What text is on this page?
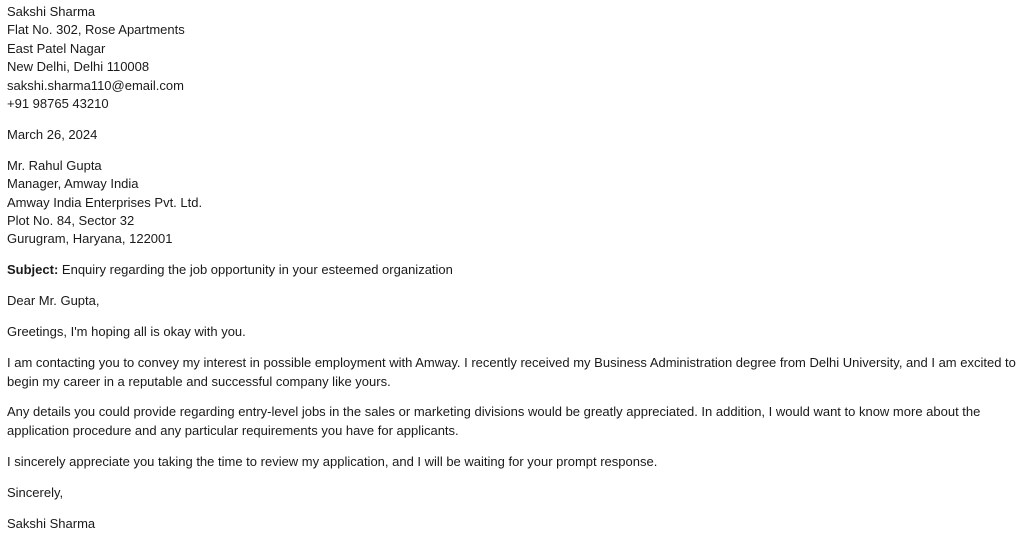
Sakshi Sharma
Flat No. 302, Rose Apartments
East Patel Nagar
New Delhi, Delhi 110008
sakshi.sharma110@email.com
+91 98765 43210
March 26, 2024
Mr. Rahul Gupta
Manager, Amway India
Amway India Enterprises Pvt. Ltd.
Plot No. 84, Sector 32
Gurugram, Haryana, 122001
Subject: Enquiry regarding the job opportunity in your esteemed organization
Dear Mr. Gupta,
Greetings, I'm hoping all is okay with you.
I am contacting you to convey my interest in possible employment with Amway. I recently received my Business Administration degree from Delhi University, and I am excited to begin my career in a reputable and successful company like yours.
Any details you could provide regarding entry-level jobs in the sales or marketing divisions would be greatly appreciated. In addition, I would want to know more about the application procedure and any particular requirements you have for applicants.
I sincerely appreciate you taking the time to review my application, and I will be waiting for your prompt response.
Sincerely,
Sakshi Sharma
